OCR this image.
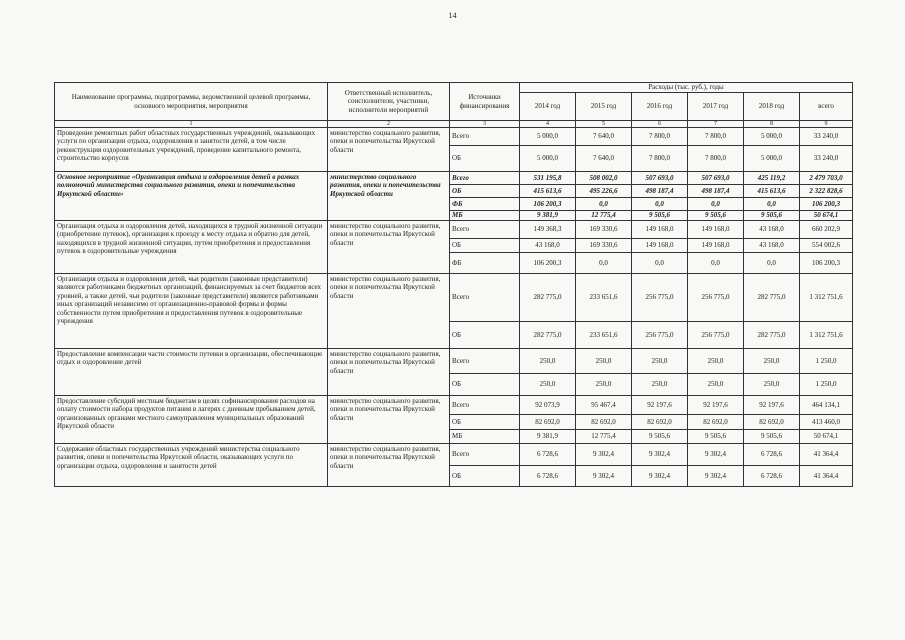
14
Наименование программы, подпрограммы, ведомственной целевой программы, основного мероприятия, мероприятия	Ответственный исполнитель, соисполнители, участники, исполнители мероприятий	Источники финансирования	Расходы (тыс. руб.), годы					
			2014 год	2015 год	2016 год	2017 год	2018 год	всего
1	2	3	4	5	6	7	8	9
Проведение ремонтных работ областных государственных учреждений, оказывающих услуги по организации отдыха, оздоровления и занятости детей, в том числе реконструкция оздоровительных учреждений, проведение капитального ремонта, строительство корпусов	министерство социального развития, опеки и попечительства Иркутской области	Всего	5 000,0	7 640,0	7 800,0	7 800,0	5 000,0	33 240,0
		ОБ	5 000,0	7 640,0	7 800,0	7 800,0	5 000,0	33 240,0
Основное мероприятие «Организация отдыха и оздоровления детей в рамках полномочий министерства социального развития, опеки и попечительства Иркутской области»	министерство социального развития, опеки и попечительства Иркутской области	Всего	531 195,8	508 002,0	507 693,0	507 693,0	425 119,2	2 479 703,0
		ОБ	415 613,6	495 226,6	498 187,4	498 187,4	415 613,6	2 322 828,6
		ФБ	106 200,3	0,0	0,0	0,0	0,0	106 200,3
		МБ	9 381,9	12 775,4	9 505,6	9 505,6	9 505,6	50 674,1
Организация отдыха и оздоровления детей, находящихся в трудной жизненной ситуации (приобретение путевок), организация к проезду к месту отдыха и обратно для детей, находящихся в трудной жизненной ситуации, путем приобретения и предоставления путевок в оздоровительные учреждения	министерство социального развития, опеки и попечительства Иркутской области	Всего	149 368,3	169 330,6	149 168,0	149 168,0	43 168,0	660 202,9
		ОБ	43 168,0	169 330,6	149 168,0	149 168,0	43 168,0	554 002,6
		ФБ	106 200,3	0,0	0,0	0,0	0,0	106 200,3
Организация отдыха и оздоровления детей, чьи родители (законные представители) являются работниками бюджетных организаций, финансируемых за счет бюджетов всех уровней, а также детей, чьи родители (законные представители) являются работниками иных организаций независимо от организационно-правовой формы и формы собственности путем приобретения и предоставления путевок в оздоровительные учреждения	министерство социального развития, опеки и попечительства Иркутской области	Всего	282 775,0	233 651,6	256 775,0	256 775,0	282 775,0	1 312 751,6
		ОБ	282 775,0	233 651,6	256 775,0	256 775,0	282 775,0	1 312 751,6
Предоставление компенсации части стоимости путевки в организации, обеспечивающие отдых и оздоровление детей	министерство социального развития, опеки и попечительства Иркутской области	Всего	250,0	250,0	250,0	250,0	250,0	1 250,0
		ОБ	250,0	250,0	250,0	250,0	250,0	1 250,0
Предоставление субсидий местным бюджетам в целях софинансирования расходов на оплату стоимости набора продуктов питания в лагерях с дневным пребыванием детей, организованных органами местного самоуправления муниципальных образований Иркутской области	министерство социального развития, опеки и попечительства Иркутской области	Всего	92 073,9	95 467,4	92 197,6	92 197,6	92 197,6	464 134,1
		ОБ	82 692,0	82 692,0	82 692,0	82 692,0	82 692,0	413 460,0
		МБ	9 381,9	12 775,4	9 505,6	9 505,6	9 505,6	50 674,1
Содержание областных государственных учреждений министерства социального развития, опеки и попечительства Иркутской области, оказывающих услуги по организации отдыха, оздоровления и занятости детей	министерство социального развития, опеки и попечительства Иркутской области	Всего	6 728,6	9 302,4	9 302,4	9 302,4	6 728,6	41 364,4
		ОБ	6 728,6	9 302,4	9 302,4	9 302,4	6 728,6	41 364,4
